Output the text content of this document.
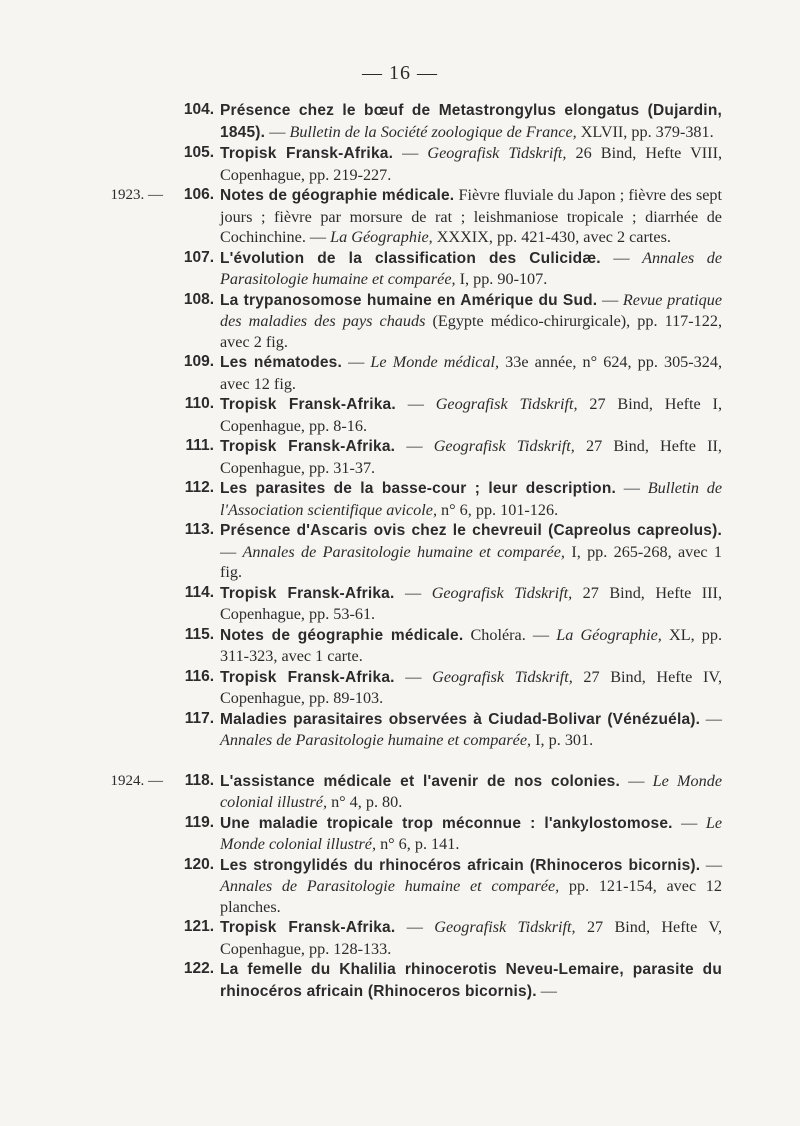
— 16 —
104. Présence chez le bœuf de Metastrongylus elongatus (Dujardin, 1845). — Bulletin de la Société zoologique de France, XLVII, pp. 379-381.
105. Tropisk Fransk-Afrika. — Geografisk Tidskrift, 26 Bind, Hefte VIII, Copenhague, pp. 219-227.
1923. — 106. Notes de géographie médicale. Fièvre fluviale du Japon ; fièvre des sept jours ; fièvre par morsure de rat ; leishmaniose tropicale ; diarrhée de Cochinchine. — La Géographie, XXXIX, pp. 421-430, avec 2 cartes.
107. L'évolution de la classification des Culicidæ. — Annales de Parasitologie humaine et comparée, I, pp. 90-107.
108. La trypanosomose humaine en Amérique du Sud. — Revue pratique des maladies des pays chauds (Egypte médico-chirurgicale), pp. 117-122, avec 2 fig.
109. Les nématodes. — Le Monde médical, 33e année, n° 624, pp. 305-324, avec 12 fig.
110. Tropisk Fransk-Afrika. — Geografisk Tidskrift, 27 Bind, Hefte I, Copenhague, pp. 8-16.
111. Tropisk Fransk-Afrika. — Geografisk Tidskrift, 27 Bind, Hefte II, Copenhague, pp. 31-37.
112. Les parasites de la basse-cour ; leur description. — Bulletin de l'Association scientifique avicole, n° 6, pp. 101-126.
113. Présence d'Ascaris ovis chez le chevreuil (Capreolus capreolus). — Annales de Parasitologie humaine et comparée, I, pp. 265-268, avec 1 fig.
114. Tropisk Fransk-Afrika. — Geografisk Tidskrift, 27 Bind, Hefte III, Copenhague, pp. 53-61.
115. Notes de géographie médicale. Choléra. — La Géographie, XL, pp. 311-323, avec 1 carte.
116. Tropisk Fransk-Afrika. — Geografisk Tidskrift, 27 Bind, Hefte IV, Copenhague, pp. 89-103.
117. Maladies parasitaires observées à Ciudad-Bolivar (Vénézuéla). — Annales de Parasitologie humaine et comparée, I, p. 301.
1924. — 118. L'assistance médicale et l'avenir de nos colonies. — Le Monde colonial illustré, n° 4, p. 80.
119. Une maladie tropicale trop méconnue : l'ankylostomose. — Le Monde colonial illustré, n° 6, p. 141.
120. Les strongylidés du rhinocéros africain (Rhinoceros bicornis). — Annales de Parasitologie humaine et comparée, pp. 121-154, avec 12 planches.
121. Tropisk Fransk-Afrika. — Geografisk Tidskrift, 27 Bind, Hefte V, Copenhague, pp. 128-133.
122. La femelle du Khalilia rhinocerotis Neveu-Lemaire, parasite du rhinocéros africain (Rhinoceros bicornis). —
